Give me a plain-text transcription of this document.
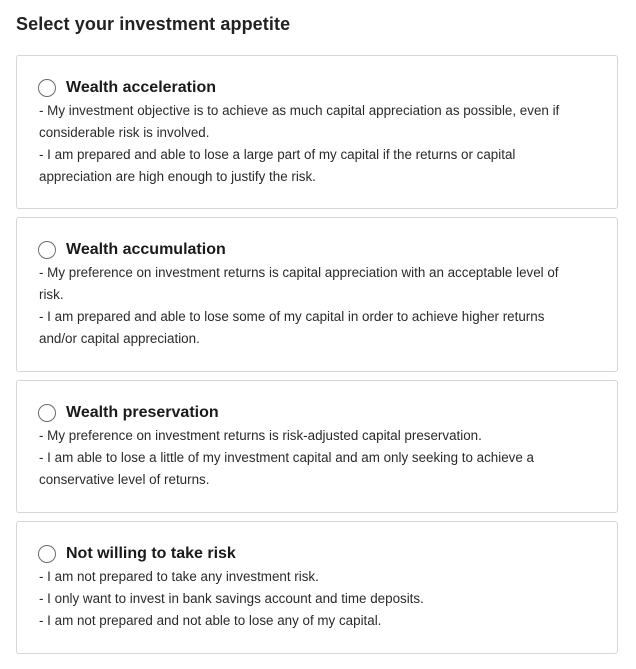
Select your investment appetite
Wealth acceleration
- My investment objective is to achieve as much capital appreciation as possible, even if
considerable risk is involved.
- I am prepared and able to lose a large part of my capital if the returns or capital
appreciation are high enough to justify the risk.
Wealth accumulation
- My preference on investment returns is capital appreciation with an acceptable level of
risk.
- I am prepared and able to lose some of my capital in order to achieve higher returns
and/or capital appreciation.
Wealth preservation
- My preference on investment returns is risk-adjusted capital preservation.
- I am able to lose a little of my investment capital and am only seeking to achieve a
conservative level of returns.
Not willing to take risk
- I am not prepared to take any investment risk.
- I only want to invest in bank savings account and time deposits.
- I am not prepared and not able to lose any of my capital.
